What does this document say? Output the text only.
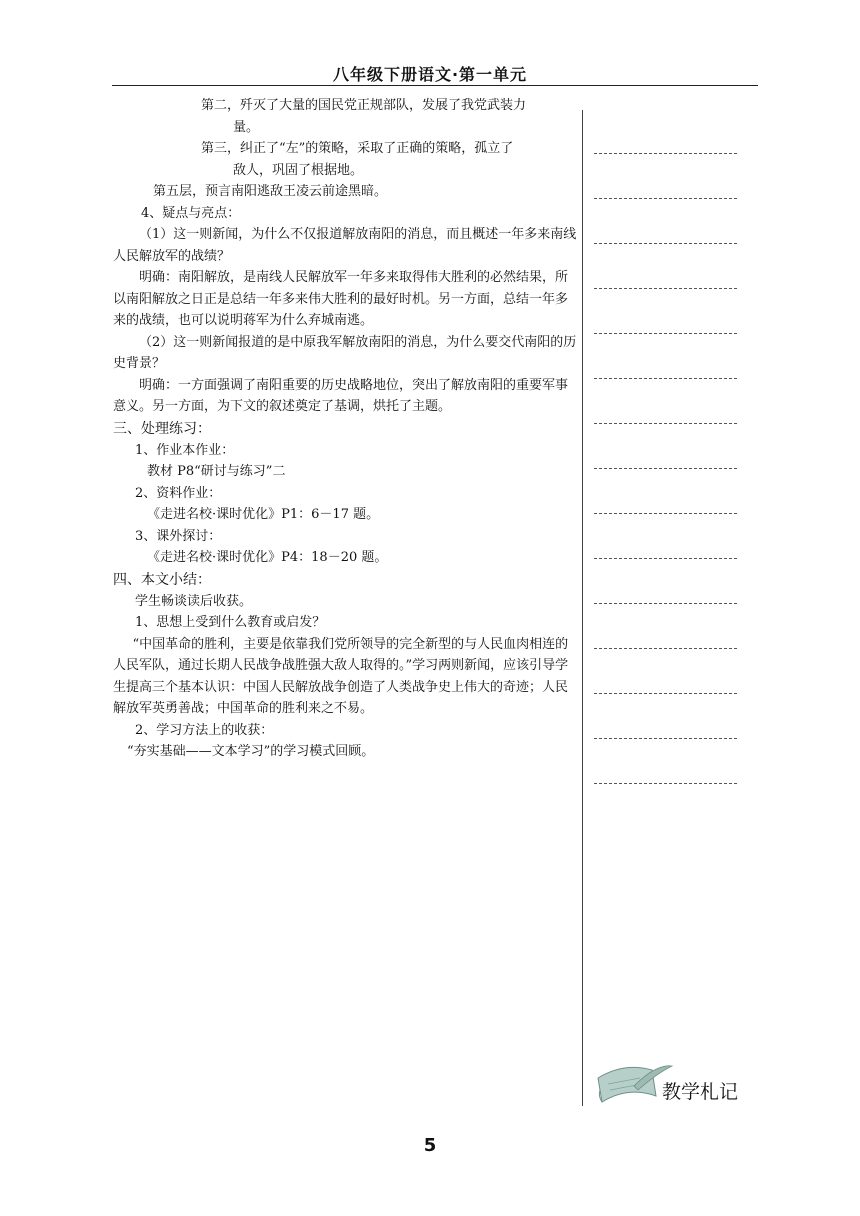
八年级下册语文·第一单元
第二，歼灭了大量的国民党正规部队，发展了我党武装力
量。
第三，纠正了“左”的策略，采取了正确的策略，孤立了
敌人，巩固了根据地。

第五层，预言南阳逃敌王凌云前途黑暗。

4、疑点与亮点：

（1）这一则新闻，为什么不仅报道解放南阳的消息，而且概述一年多来南线人民解放军的战绩？

明确：南阳解放，是南线人民解放军一年多来取得伟大胜利的必然结果，所以南阳解放之日正是总结一年多来伟大胜利的最好时机。另一方面，总结一年多来的战绩，也可以说明蒋军为什么弃城南逃。

（2）这一则新闻报道的是中原我军解放南阳的消息，为什么要交代南阳的历史背景？

明确：一方面强调了南阳重要的历史战略地位，突出了解放南阳的重要军事意义。另一方面，为下文的叙述奠定了基调，烘托了主题。

三、处理练习：

1、作业本作业：

教材 P8“研讨与练习”二

2、资料作业：

《走进名校·课时优化》P1：6－17 题。

3、课外探讨：

《走进名校·课时优化》P4：18－20 题。

四、本文小结：

学生畅谈读后收获。

1、思想上受到什么教育或启发？

“中国革命的胜利，主要是依靠我们党所领导的完全新型的与人民血肉相连的人民军队，通过长期人民战争战胜强大敌人取得的。”学习两则新闻，应该引导学生提高三个基本认识：中国人民解放战争创造了人类战争史上伟大的奇迹；人民解放军英勇善战；中国革命的胜利来之不易。

2、学习方法上的收获：

“夯实基础——文本学习”的学习模式回顾。

教学札记
5
